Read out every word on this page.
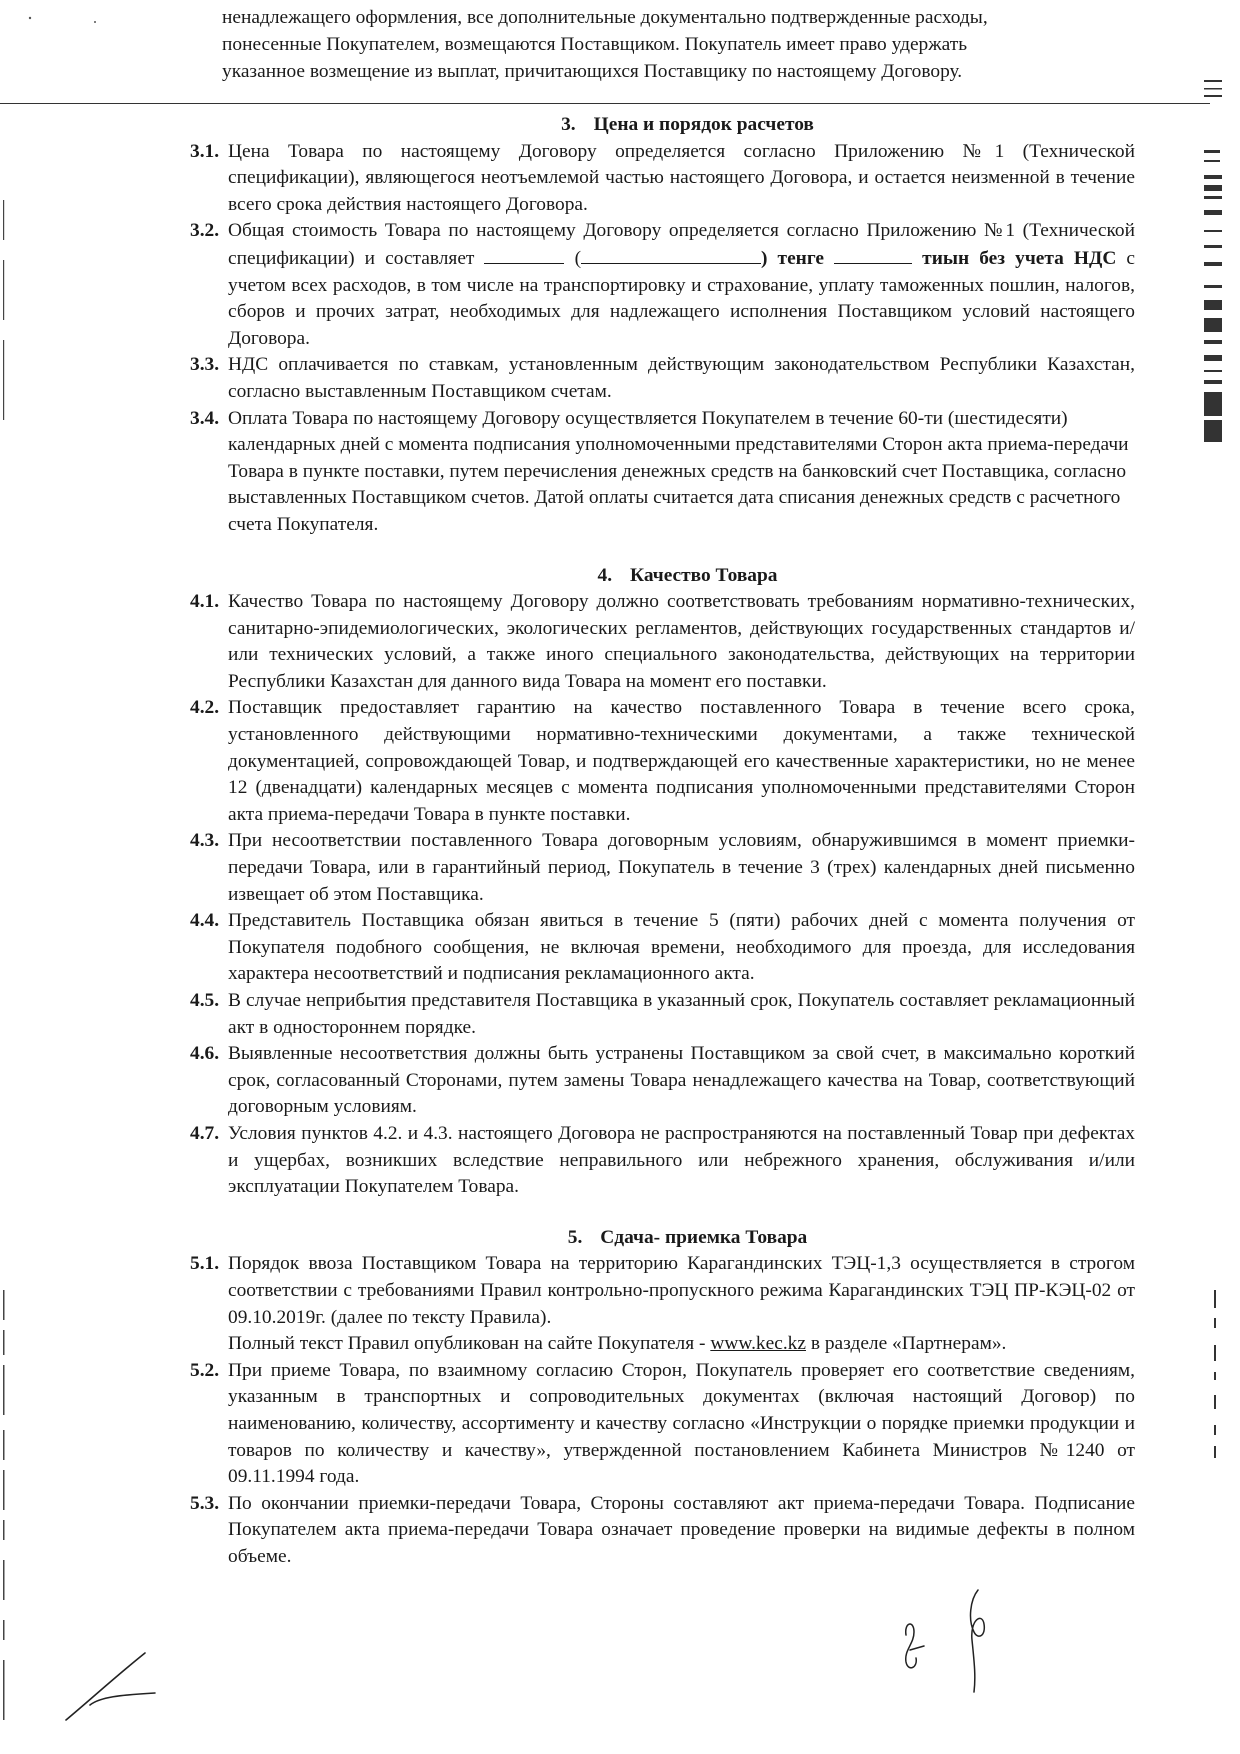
ненадлежащего оформления, все дополнительные документально подтвержденные расходы,
понесенные Покупателем, возмещаются Поставщиком. Покупатель имеет право удержать
указанное возмещение из выплат, причитающихся Поставщику по настоящему Договору.
3. Цена и порядок расчетов
3.1. Цена Товара по настоящему Договору определяется согласно Приложению №1 (Технической спецификации), являющегося неотъемлемой частью настоящего Договора, и остается неизменной в течение всего срока действия настоящего Договора.
3.2. Общая стоимость Товара по настоящему Договору определяется согласно Приложению №1 (Технической спецификации) и составляет	(	) тенге	тиын без учета НДС с учетом всех расходов, в том числе на транспортировку и страхование, уплату таможенных пошлин, налогов, сборов и прочих затрат, необходимых для надлежащего исполнения Поставщиком условий настоящего Договора.
3.3. НДС оплачивается по ставкам, установленным действующим законодательством Республики Казахстан, согласно выставленным Поставщиком счетам.
3.4. Оплата Товара по настоящему Договору осуществляется Покупателем в течение 60-ти (шестидесяти) календарных дней с момента подписания уполномоченными представителями Сторон акта приема-передачи Товара в пункте поставки, путем перечисления денежных средств на банковский счет Поставщика, согласно выставленных Поставщиком счетов. Датой оплаты считается дата списания денежных средств с расчетного счета Покупателя.
4. Качество Товара
4.1. Качество Товара по настоящему Договору должно соответствовать требованиям нормативно-технических, санитарно-эпидемиологических, экологических регламентов, действующих государственных стандартов и/или технических условий, а также иного специального законодательства, действующих на территории Республики Казахстан для данного вида Товара на момент его поставки.
4.2. Поставщик предоставляет гарантию на качество поставленного Товара в течение всего срока, установленного действующими нормативно-техническими документами, а также технической документацией, сопровождающей Товар, и подтверждающей его качественные характеристики, но не менее 12 (двенадцати) календарных месяцев с момента подписания уполномоченными представителями Сторон акта приема-передачи Товара в пункте поставки.
4.3. При несоответствии поставленного Товара договорным условиям, обнаружившимся в момент приемки-передачи Товара, или в гарантийный период, Покупатель в течение 3 (трех) календарных дней письменно извещает об этом Поставщика.
4.4. Представитель Поставщика обязан явиться в течение 5 (пяти) рабочих дней с момента получения от Покупателя подобного сообщения, не включая времени, необходимого для проезда, для исследования характера несоответствий и подписания рекламационного акта.
4.5. В случае неприбытия представителя Поставщика в указанный срок, Покупатель составляет рекламационный акт в одностороннем порядке.
4.6. Выявленные несоответствия должны быть устранены Поставщиком за свой счет, в максимально короткий срок, согласованный Сторонами, путем замены Товара ненадлежащего качества на Товар, соответствующий договорным условиям.
4.7. Условия пунктов 4.2. и 4.3. настоящего Договора не распространяются на поставленный Товар при дефектах и ущербах, возникших вследствие неправильного или небрежного хранения, обслуживания и/или эксплуатации Покупателем Товара.
5. Сдача- приемка Товара
5.1. Порядок ввоза Поставщиком Товара на территорию Карагандинских ТЭЦ-1,3 осуществляется в строгом соответствии с требованиями Правил контрольно-пропускного режима Карагандинских ТЭЦ ПР-КЭЦ-02 от 09.10.2019г. (далее по тексту Правила).
Полный текст Правил опубликован на сайте Покупателя - www.kec.kz в разделе «Партнерам».
5.2. При приеме Товара, по взаимному согласию Сторон, Покупатель проверяет его соответствие сведениям, указанным в транспортных и сопроводительных документах (включая настоящий Договор) по наименованию, количеству, ассортименту и качеству согласно «Инструкции о порядке приемки продукции и товаров по количеству и качеству», утвержденной постановлением Кабинета Министров №1240 от 09.11.1994 года.
5.3. По окончании приемки-передачи Товара, Стороны составляют акт приема-передачи Товара. Подписание Покупателем акта приема-передачи Товара означает проведение проверки на видимые дефекты в полном объеме.
